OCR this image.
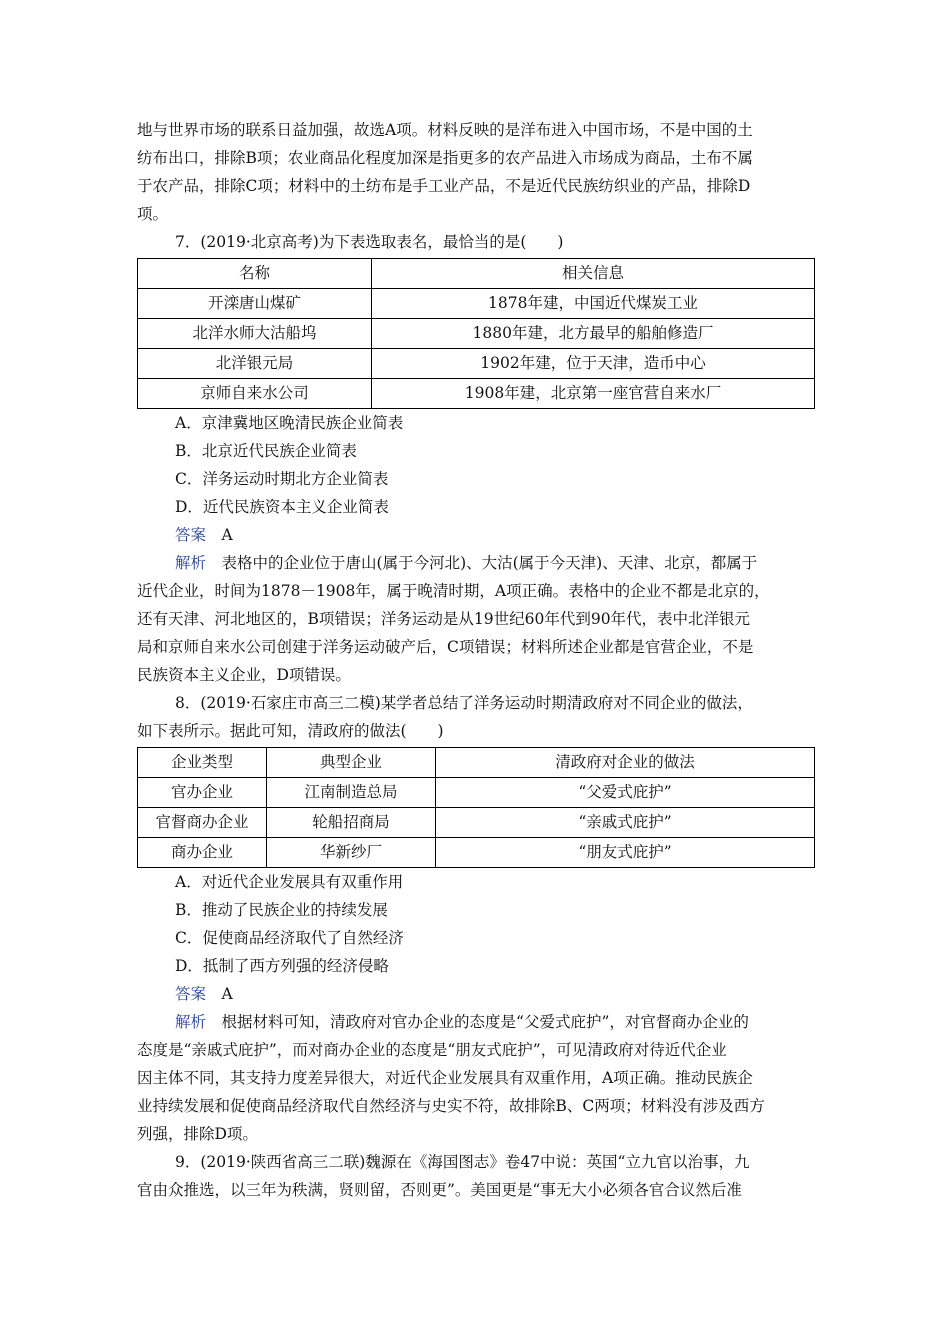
地与世界市场的联系日益加强，故选A项。材料反映的是洋布进入中国市场，不是中国的土

纺布出口，排除B项；农业商品化程度加深是指更多的农产品进入市场成为商品，土布不属

于农产品，排除C项；材料中的土纺布是手工业产品，不是近代民族纺织业的产品，排除D

项。

7．(2019·北京高考)为下表选取表名，最恰当的是(　　)

名称	相关信息
开滦唐山煤矿	1878年建，中国近代煤炭工业
北洋水师大沽船坞	1880年建，北方最早的船舶修造厂
北洋银元局	1902年建，位于天津，造币中心
京师自来水公司	1908年建，北京第一座官营自来水厂

A．京津冀地区晚清民族企业简表

B．北京近代民族企业简表

C．洋务运动时期北方企业简表

D．近代民族资本主义企业简表

答案  A

解析  表格中的企业位于唐山(属于今河北)、大沽(属于今天津)、天津、北京，都属于

近代企业，时间为1878－1908年，属于晚清时期，A项正确。表格中的企业不都是北京的，

还有天津、河北地区的，B项错误；洋务运动是从19世纪60年代到90年代，表中北洋银元

局和京师自来水公司创建于洋务运动破产后，C项错误；材料所述企业都是官营企业，不是

民族资本主义企业，D项错误。

8．(2019·石家庄市高三二模)某学者总结了洋务运动时期清政府对不同企业的做法，

如下表所示。据此可知，清政府的做法(　　)

企业类型	典型企业	清政府对企业的做法
官办企业	江南制造总局	“父爱式庇护”
官督商办企业	轮船招商局	“亲戚式庇护”
商办企业	华新纱厂	“朋友式庇护”

A．对近代企业发展具有双重作用

B．推动了民族企业的持续发展

C．促使商品经济取代了自然经济

D．抵制了西方列强的经济侵略

答案  A

解析  根据材料可知，清政府对官办企业的态度是“父爱式庇护”，对官督商办企业的

态度是“亲戚式庇护”，而对商办企业的态度是“朋友式庇护”，可见清政府对待近代企业

因主体不同，其支持力度差异很大，对近代企业发展具有双重作用，A项正确。推动民族企

业持续发展和促使商品经济取代自然经济与史实不符，故排除B、C两项；材料没有涉及西方

列强，排除D项。

9．(2019·陕西省高三二联)魏源在《海国图志》卷47中说：英国“立九官以治事，九

官由众推选，以三年为秩满，贤则留，否则更”。美国更是“事无大小必须各官合议然后准
